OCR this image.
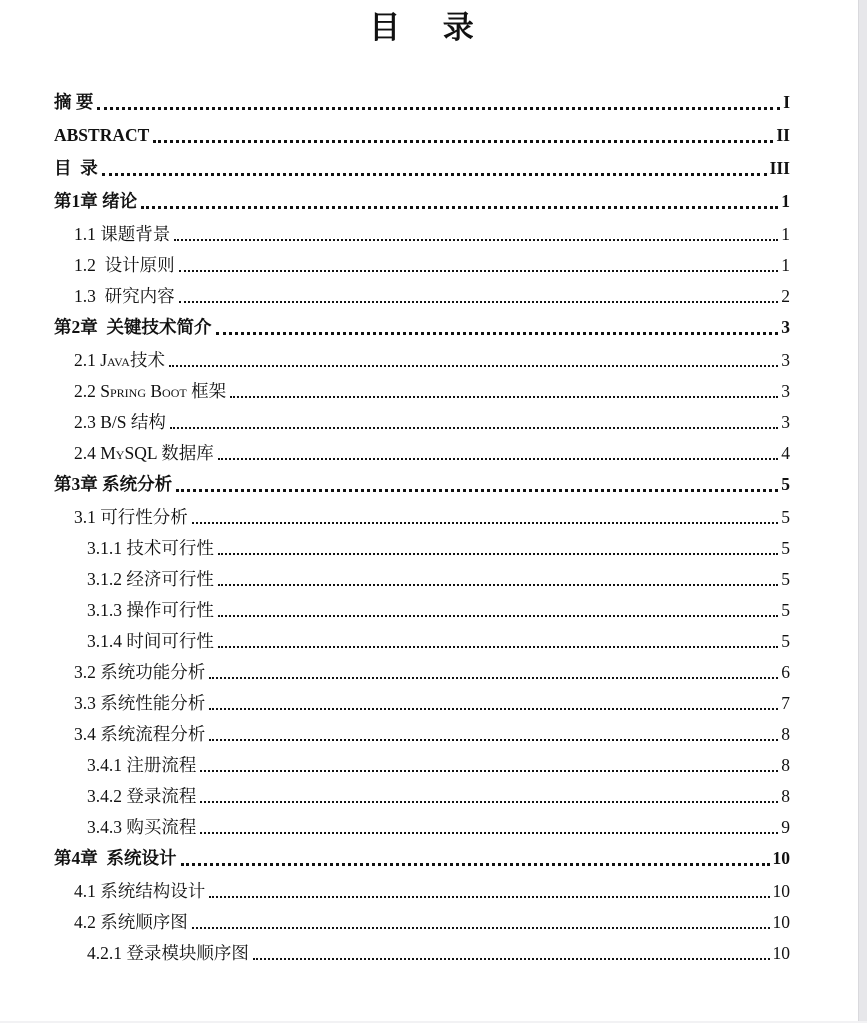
目　 录
摘 要	I
ABSTRACT	II
目  录	III
第1章 绪论	1
1.1 课题背景	1
1.2  设计原则	1
1.3  研究内容	2
第2章  关键技术简介	3
2.1 Java技术	3
2.2 Spring Boot 框架	3
2.3 B/S 结构	3
2.4 MySQL 数据库	4
第3章 系统分析	5
3.1 可行性分析	5
3.1.1 技术可行性	5
3.1.2 经济可行性	5
3.1.3 操作可行性	5
3.1.4 时间可行性	5
3.2 系统功能分析	6
3.3 系统性能分析	7
3.4 系统流程分析	8
3.4.1 注册流程	8
3.4.2 登录流程	8
3.4.3 购买流程	9
第4章  系统设计	10
4.1 系统结构设计	10
4.2 系统顺序图	10
4.2.1 登录模块顺序图	10
